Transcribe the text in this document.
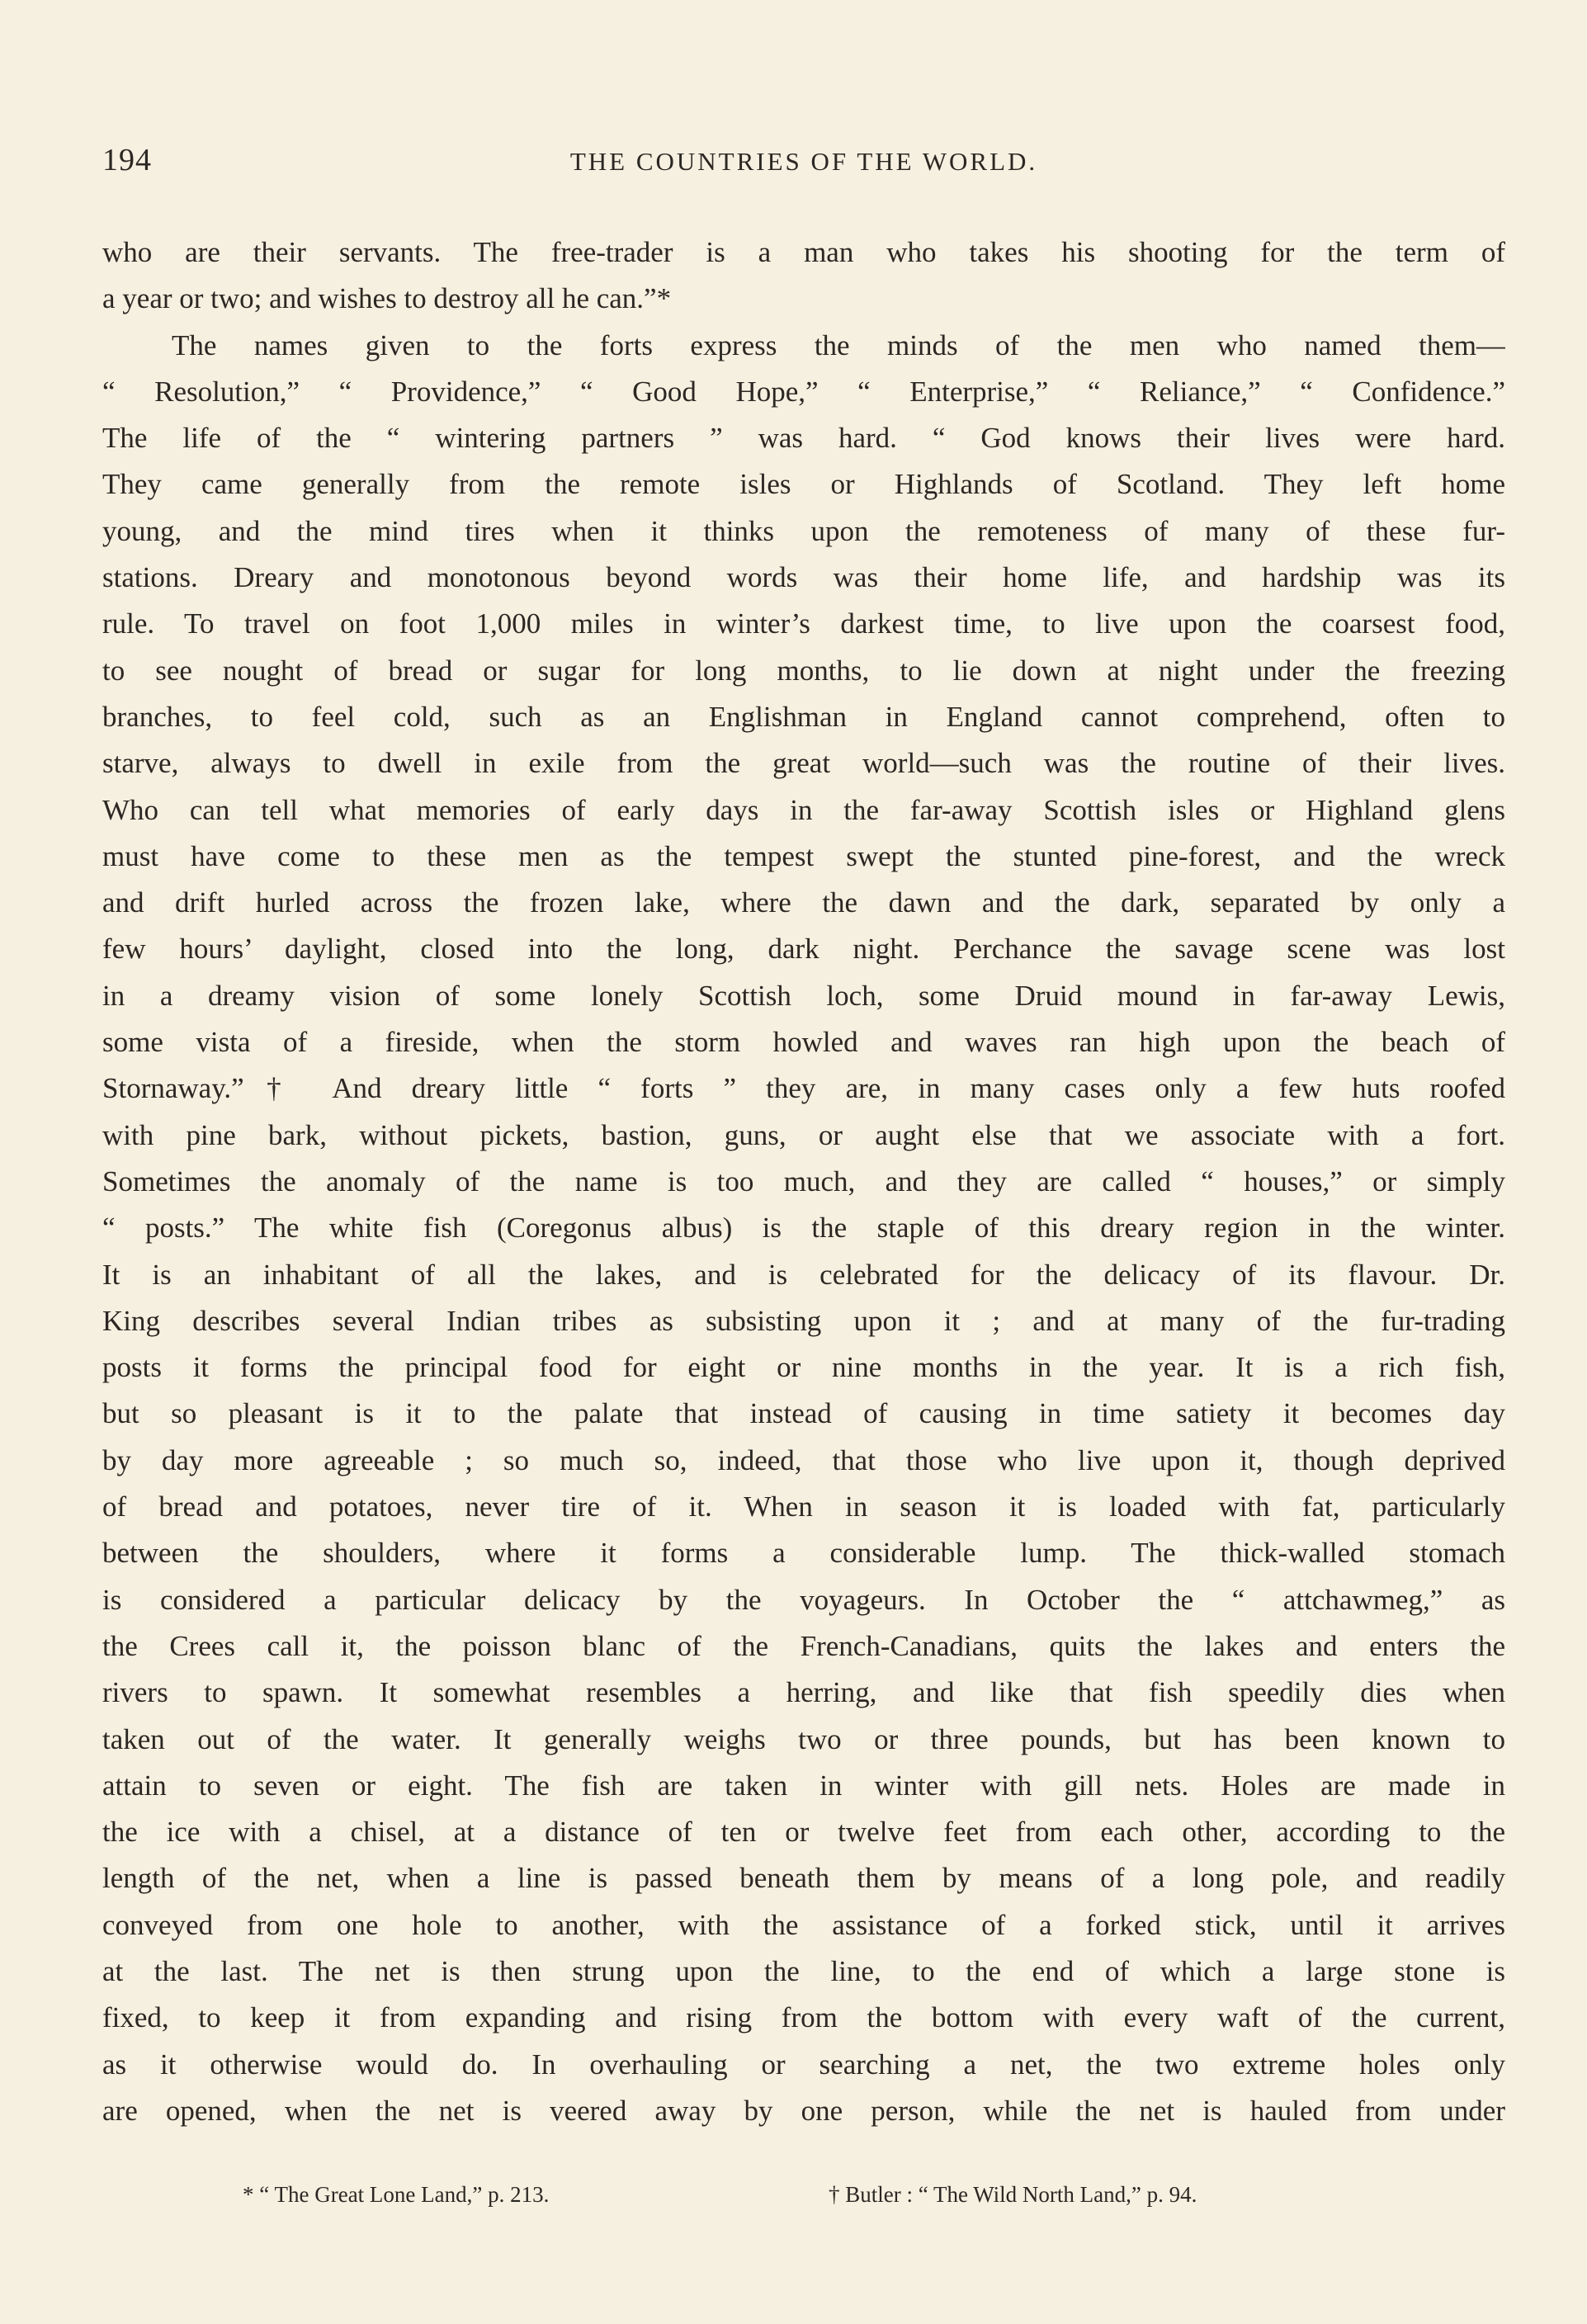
194	THE COUNTRIES OF THE WORLD.
who are their servants. The free-trader is a man who takes his shooting for the term of
a year or two; and wishes to destroy all he can.”*
The names given to the forts express the minds of the men who named them—
“ Resolution,” “ Providence,” “ Good Hope,” “ Enterprise,” “ Reliance,” “ Confidence.”
The life of the “ wintering partners ” was hard. “ God knows their lives were hard.
They came generally from the remote isles or Highlands of Scotland. They left home
young, and the mind tires when it thinks upon the remoteness of many of these fur-
stations. Dreary and monotonous beyond words was their home life, and hardship was its
rule. To travel on foot 1,000 miles in winter’s darkest time, to live upon the coarsest food,
to see nought of bread or sugar for long months, to lie down at night under the freezing
branches, to feel cold, such as an Englishman in England cannot comprehend, often to
starve, always to dwell in exile from the great world—such was the routine of their lives.
Who can tell what memories of early days in the far-away Scottish isles or Highland glens
must have come to these men as the tempest swept the stunted pine-forest, and the wreck
and drift hurled across the frozen lake, where the dawn and the dark, separated by only a
few hours’ daylight, closed into the long, dark night. Perchance the savage scene was lost
in a dreamy vision of some lonely Scottish loch, some Druid mound in far-away Lewis,
some vista of a fireside, when the storm howled and waves ran high upon the beach of
Stornaway.”† And dreary little “ forts ” they are, in many cases only a few huts roofed
with pine bark, without pickets, bastion, guns, or aught else that we associate with a fort.
Sometimes the anomaly of the name is too much, and they are called “ houses,” or simply
“ posts.” The white fish (Coregonus albus) is the staple of this dreary region in the winter.
It is an inhabitant of all the lakes, and is celebrated for the delicacy of its flavour. Dr.
King describes several Indian tribes as subsisting upon it ; and at many of the fur-trading
posts it forms the principal food for eight or nine months in the year. It is a rich fish,
but so pleasant is it to the palate that instead of causing in time satiety it becomes day
by day more agreeable ; so much so, indeed, that those who live upon it, though deprived
of bread and potatoes, never tire of it. When in season it is loaded with fat, particularly
between the shoulders, where it forms a considerable lump. The thick-walled stomach
is considered a particular delicacy by the voyageurs. In October the “ attchawmeg,” as
the Crees call it, the poisson blanc of the French-Canadians, quits the lakes and enters the
rivers to spawn. It somewhat resembles a herring, and like that fish speedily dies when
taken out of the water. It generally weighs two or three pounds, but has been known to
attain to seven or eight. The fish are taken in winter with gill nets. Holes are made in
the ice with a chisel, at a distance of ten or twelve feet from each other, according to the
length of the net, when a line is passed beneath them by means of a long pole, and readily
conveyed from one hole to another, with the assistance of a forked stick, until it arrives
at the last. The net is then strung upon the line, to the end of which a large stone is
fixed, to keep it from expanding and rising from the bottom with every waft of the current,
as it otherwise would do. In overhauling or searching a net, the two extreme holes only
are opened, when the net is veered away by one person, while the net is hauled from under
* “ The Great Lone Land,” p. 213.	† Butler : “ The Wild North Land,” p. 94.
